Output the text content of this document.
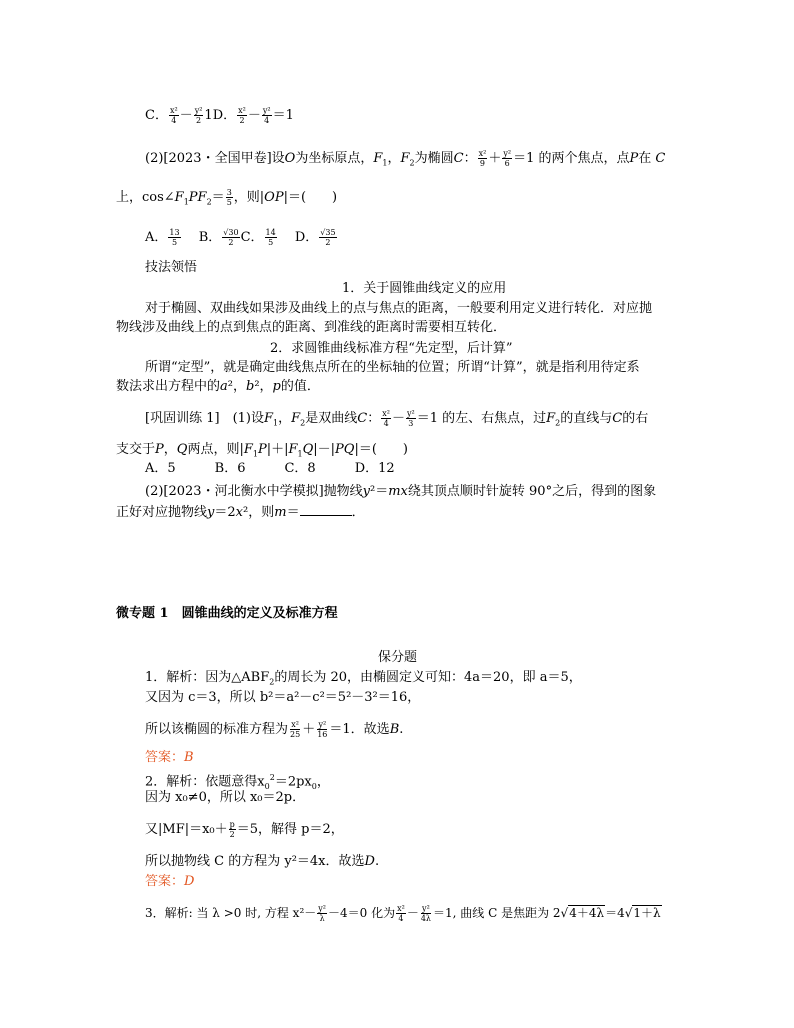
C． $\frac{\text{x²}}{4} - \frac{\text{y²}}{2} 1D$． $\frac{\text{x²}}{2} - \frac{\text{y²}}{4} =1$
(2)[2023・全国甲卷]设O为坐标原点，$F_1$，$F_2$为椭圆C： $\frac{\text{x²}}{9} + \frac{\text{y²}}{6} =1$ 的两个焦点，点P在 C
上，$\cos\angle F_1PF_2= \frac{3}{5}$ ，则|OP|＝(　　)
A． $\frac{13}{5}$
　 B． $\frac{√30}{2}$ C． $\frac{14}{5}$
　 D． $\frac{√35}{2}$
技法领悟
1．关于圆锥曲线定义的应用
对于椭圆、双曲线如果涉及曲线上的点与焦点的距离，一般要利用定义进行转化．对应抛
物线涉及曲线上的点到焦点的距离、到准线的距离时需要相互转化．
2．求圆锥曲线标准方程“先定型，后计算”
所谓“定型”，就是确定曲线焦点所在的坐标轴的位置；所谓“计算”，就是指利用待定系
数法求出方程中的a²，b²，p的值．
[巩固训练 1]　 (1)设$F_1$，$F_2$是双曲线C： $\frac{\text{x²}}{4} - \frac{\text{y²}}{3} =1$ 的左、右焦点，过$F_2$的直线与C的右
支交于P，Q两点，则$|F_1P|+|F_1Q|-|PQ|=$(　　)
A．5　　　B．6　　　C．8　　　D．12
(2)[2023・河北衡水中学模拟]抛物线y²＝mx绕其顶点顺时针旋转 90°之后，得到的图象
正好对应抛物线y＝2x²，则m＝	．
微专题 1　圆锥曲线的定义及标准方程
保分题
1．解析：因为$\triangle ABF_2$的周长为 20，由椭圆定义可知：4a＝20，即 a＝5，
又因为 c＝3，所以 b²＝a²－c²＝5²－3²＝16，
所以该椭圆的标准方程为 $\frac{\text{x²}}{25} + \frac{\text{y²}}{16} =1$．故选B.
答案：B
2．解析：依题意得$x_0^2=2px_0$，
因为 x₀≠0，所以 x₀＝2p．
又$|MF|=x_0+ \frac{p}{2} =5$，解得 p＝2，
所以抛物线 C 的方程为 y²＝4x．故选D.
答案：D
3．解析: 当 λ >0 时, 方程 $x^2- \frac{\text{y²}}{\lambda} -4=0$ 化为 $\frac{\text{x²}}{4} - \frac{\text{y²}}{4\lambda} =1$, 曲线 C 是焦距为 2√4＋4λ＝4√1＋λ
